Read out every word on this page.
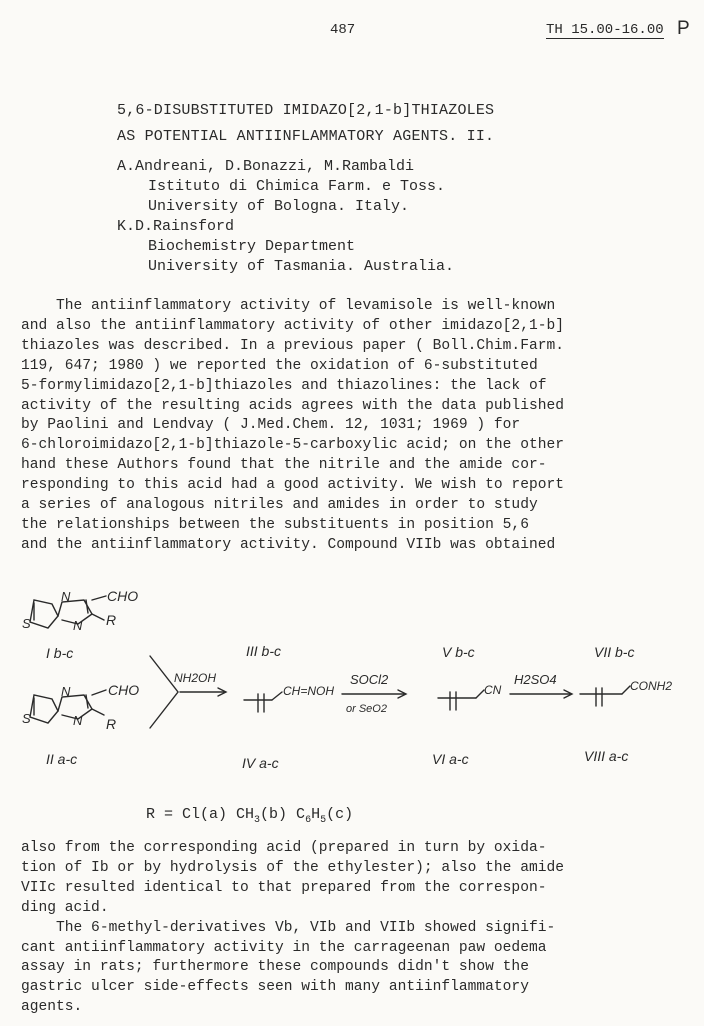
487	TH 15.00-16.00 P
5,6-DISUBSTITUTED IMIDAZO[2,1-b]THIAZOLES
AS POTENTIAL ANTIINFLAMMATORY AGENTS. II.
A.Andreani, D.Bonazzi, M.Rambaldi
Istituto di Chimica Farm. e Toss.
University of Bologna. Italy.
K.D.Rainsford
Biochemistry Department
University of Tasmania. Australia.
The antiinflammatory activity of levamisole is well-known
and also the antiinflammatory activity of other imidazo[2,1-b]
thiazoles was described. In a previous paper ( Boll.Chim.Farm.
119, 647; 1980 ) we reported the oxidation of 6-substituted
5-formylimidazo[2,1-b]thiazoles and thiazolines: the lack of
activity of the resulting acids agrees with the data published
by Paolini and Lendvay ( J.Med.Chem. 12, 1031; 1969 ) for
6-chloroimidazo[2,1-b]thiazole-5-carboxylic acid; on the other
hand these Authors found that the nitrile and the amide cor-
responding to this acid had a good activity. We wish to report
a series of analogous nitriles and amides in order to study
the relationships between the substituents in position 5,6
and the antiinflammatory activity. Compound VIIb was obtained
N
S	N
CHO
R
I b-c
N
S	N
CHO
R
II a-c
NH2OH
CH=NOH
III b-c
IV a-c
SOCl2
or SeO2
CN
V b-c
VI a-c
H2SO4	CONH2
VII b-c
VIII a-c
R = Cl(a) $CH_3(b)$ $C_6H_5(c)$
also from the corresponding acid (prepared in turn by oxida-
tion of Ib or by hydrolysis of the ethylester); also the amide
VIIc resulted identical to that prepared from the correspon-
ding acid.
The 6-methyl-derivatives Vb, VIb and VIIb showed signifi-
cant antiinflammatory activity in the carrageenan paw oedema
assay in rats; furthermore these compounds didn't show the
gastric ulcer side-effects seen with many antiinflammatory
agents.
